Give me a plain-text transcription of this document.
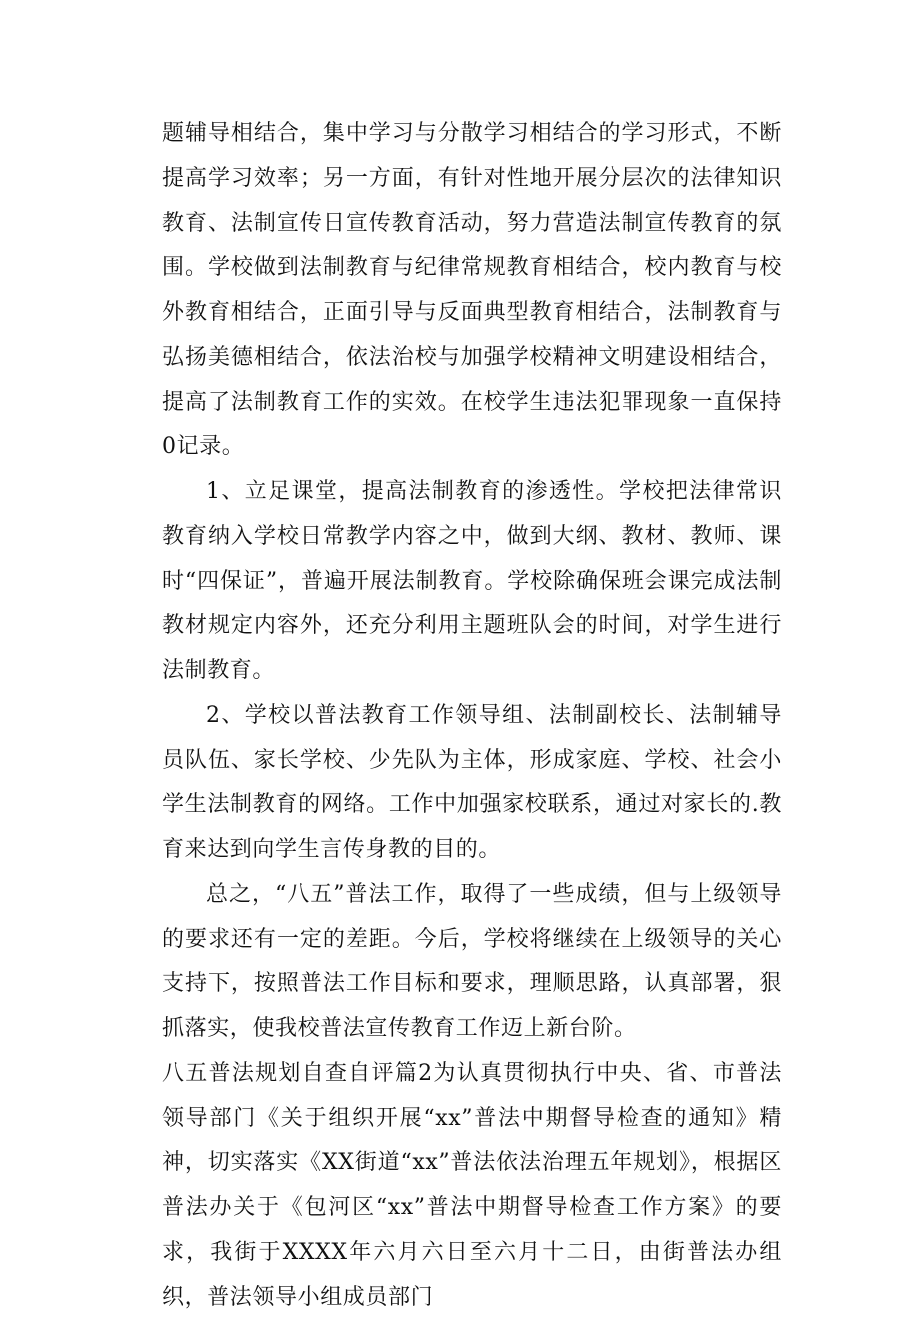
题辅导相结合，集中学习与分散学习相结合的学习形式，不断提高学习效率；另一方面，有针对性地开展分层次的法律知识教育、法制宣传日宣传教育活动，努力营造法制宣传教育的氛围。学校做到法制教育与纪律常规教育相结合，校内教育与校外教育相结合，正面引导与反面典型教育相结合，法制教育与弘扬美德相结合，依法治校与加强学校精神文明建设相结合，提高了法制教育工作的实效。在校学生违法犯罪现象一直保持0记录。

1、立足课堂，提高法制教育的渗透性。学校把法律常识教育纳入学校日常教学内容之中，做到大纲、教材、教师、课时“四保证”，普遍开展法制教育。学校除确保班会课完成法制教材规定内容外，还充分利用主题班队会的时间，对学生进行法制教育。

2、学校以普法教育工作领导组、法制副校长、法制辅导员队伍、家长学校、少先队为主体，形成家庭、学校、社会小学生法制教育的网络。工作中加强家校联系，通过对家长的.教育来达到向学生言传身教的目的。

总之，“八五”普法工作，取得了一些成绩，但与上级领导的要求还有一定的差距。今后，学校将继续在上级领导的关心支持下，按照普法工作目标和要求，理顺思路，认真部署，狠抓落实，使我校普法宣传教育工作迈上新台阶。

八五普法规划自查自评篇2为认真贯彻执行中央、省、市普法领导部门《关于组织开展“xx”普法中期督导检查的通知》精神，切实落实《XX街道“xx”普法依法治理五年规划》，根据区普法办关于《包河区“xx”普法中期督导检查工作方案》的要求，我街于XXXX年六月六日至六月十二日，由街普法办组织，普法领导小组成员部门
